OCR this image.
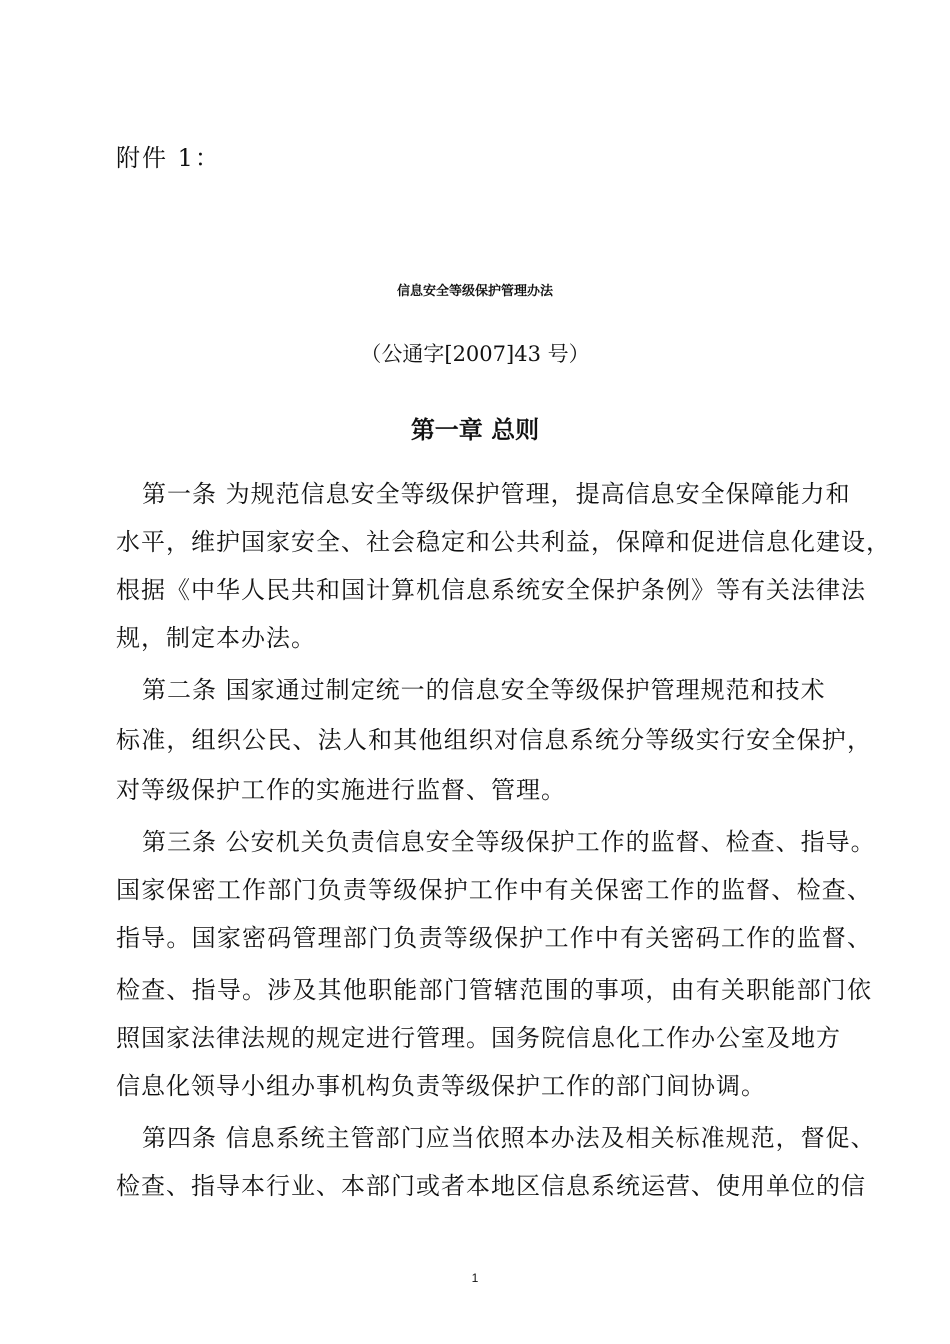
附件 1：
信息安全等级保护管理办法
（公通字[2007]43 号）
第一章 总则
第一条 为规范信息安全等级保护管理，提高信息安全保障能力和
水平，维护国家安全、社会稳定和公共利益，保障和促进信息化建设，
根据《中华人民共和国计算机信息系统安全保护条例》等有关法律法
规，制定本办法。
第二条 国家通过制定统一的信息安全等级保护管理规范和技术
标准，组织公民、法人和其他组织对信息系统分等级实行安全保护，
对等级保护工作的实施进行监督、管理。
第三条 公安机关负责信息安全等级保护工作的监督、检查、指导。
国家保密工作部门负责等级保护工作中有关保密工作的监督、检查、
指导。国家密码管理部门负责等级保护工作中有关密码工作的监督、
检查、指导。涉及其他职能部门管辖范围的事项，由有关职能部门依
照国家法律法规的规定进行管理。国务院信息化工作办公室及地方
信息化领导小组办事机构负责等级保护工作的部门间协调。
第四条 信息系统主管部门应当依照本办法及相关标准规范，督促、
检查、指导本行业、本部门或者本地区信息系统运营、使用单位的信
1
